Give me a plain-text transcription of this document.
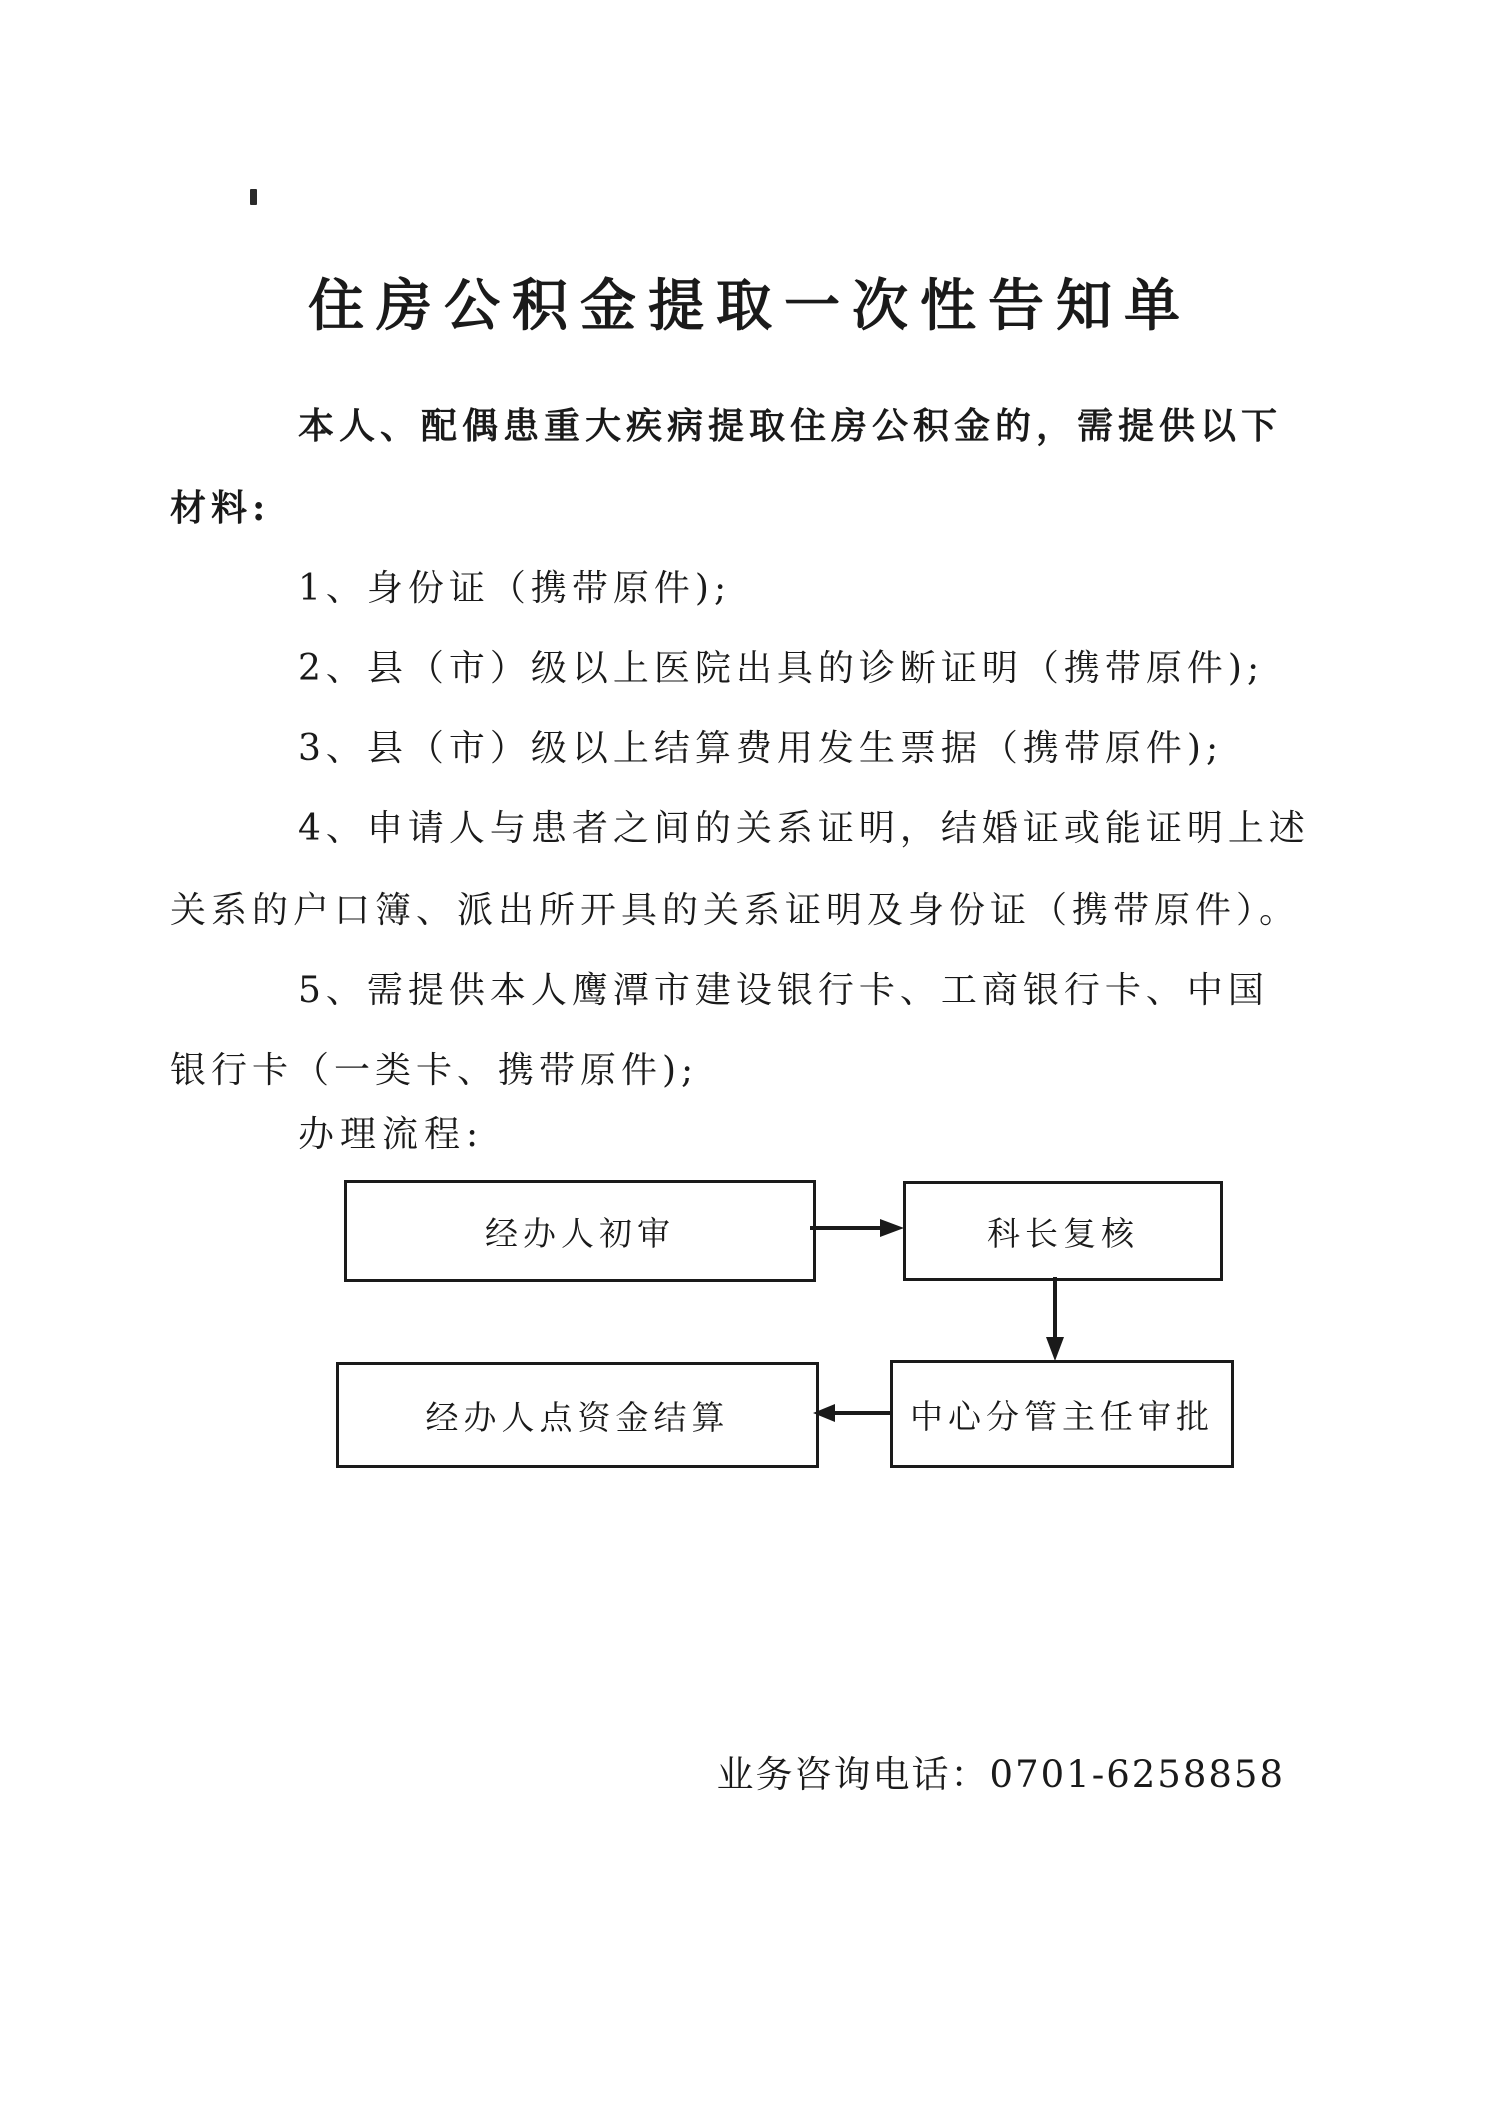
住房公积金提取一次性告知单
本人、配偶患重大疾病提取住房公积金的，需提供以下
材料:
1、身份证（携带原件);
2、县（市）级以上医院出具的诊断证明（携带原件);
3、县（市）级以上结算费用发生票据（携带原件);
4、申请人与患者之间的关系证明，结婚证或能证明上述
关系的户口簿、派出所开具的关系证明及身份证（携带原件）。
5、需提供本人鹰潭市建设银行卡、工商银行卡、中国
银行卡（一类卡、携带原件);
办理流程:
经办人初审	科长复核
中心分管主任审批
经办人点资金结算
业务咨询电话：0701-6258858
